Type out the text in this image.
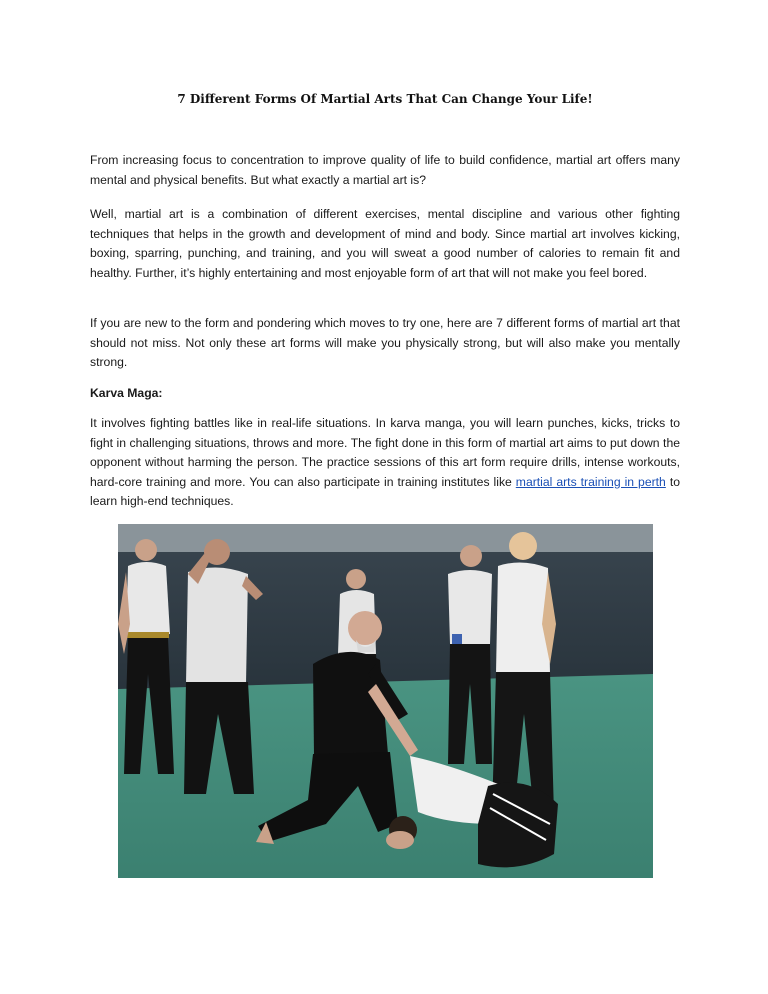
7 Different Forms Of Martial Arts That Can Change Your Life!

From increasing focus to concentration to improve quality of life to build confidence, martial art offers many mental and physical benefits. But what exactly a martial art is?

Well, martial art is a combination of different exercises, mental discipline and various other fighting techniques that helps in the growth and development of mind and body. Since martial art involves kicking, boxing, sparring, punching, and training, and you will sweat a good number of calories to remain fit and healthy. Further, it’s highly entertaining and most enjoyable form of art that will not make you feel bored.

If you are new to the form and pondering which moves to try one, here are 7 different forms of martial art that should not miss. Not only these art forms will make you physically strong, but will also make you mentally strong.

Karva Maga:

It involves fighting battles like in real-life situations. In karva manga, you will learn punches, kicks, tricks to fight in challenging situations, throws and more. The fight done in this form of martial art aims to put down the opponent without harming the person. The practice sessions of this art form require drills, intense workouts, hard-core training and more. You can also participate in training institutes like martial arts training in perth to learn high-end techniques.
